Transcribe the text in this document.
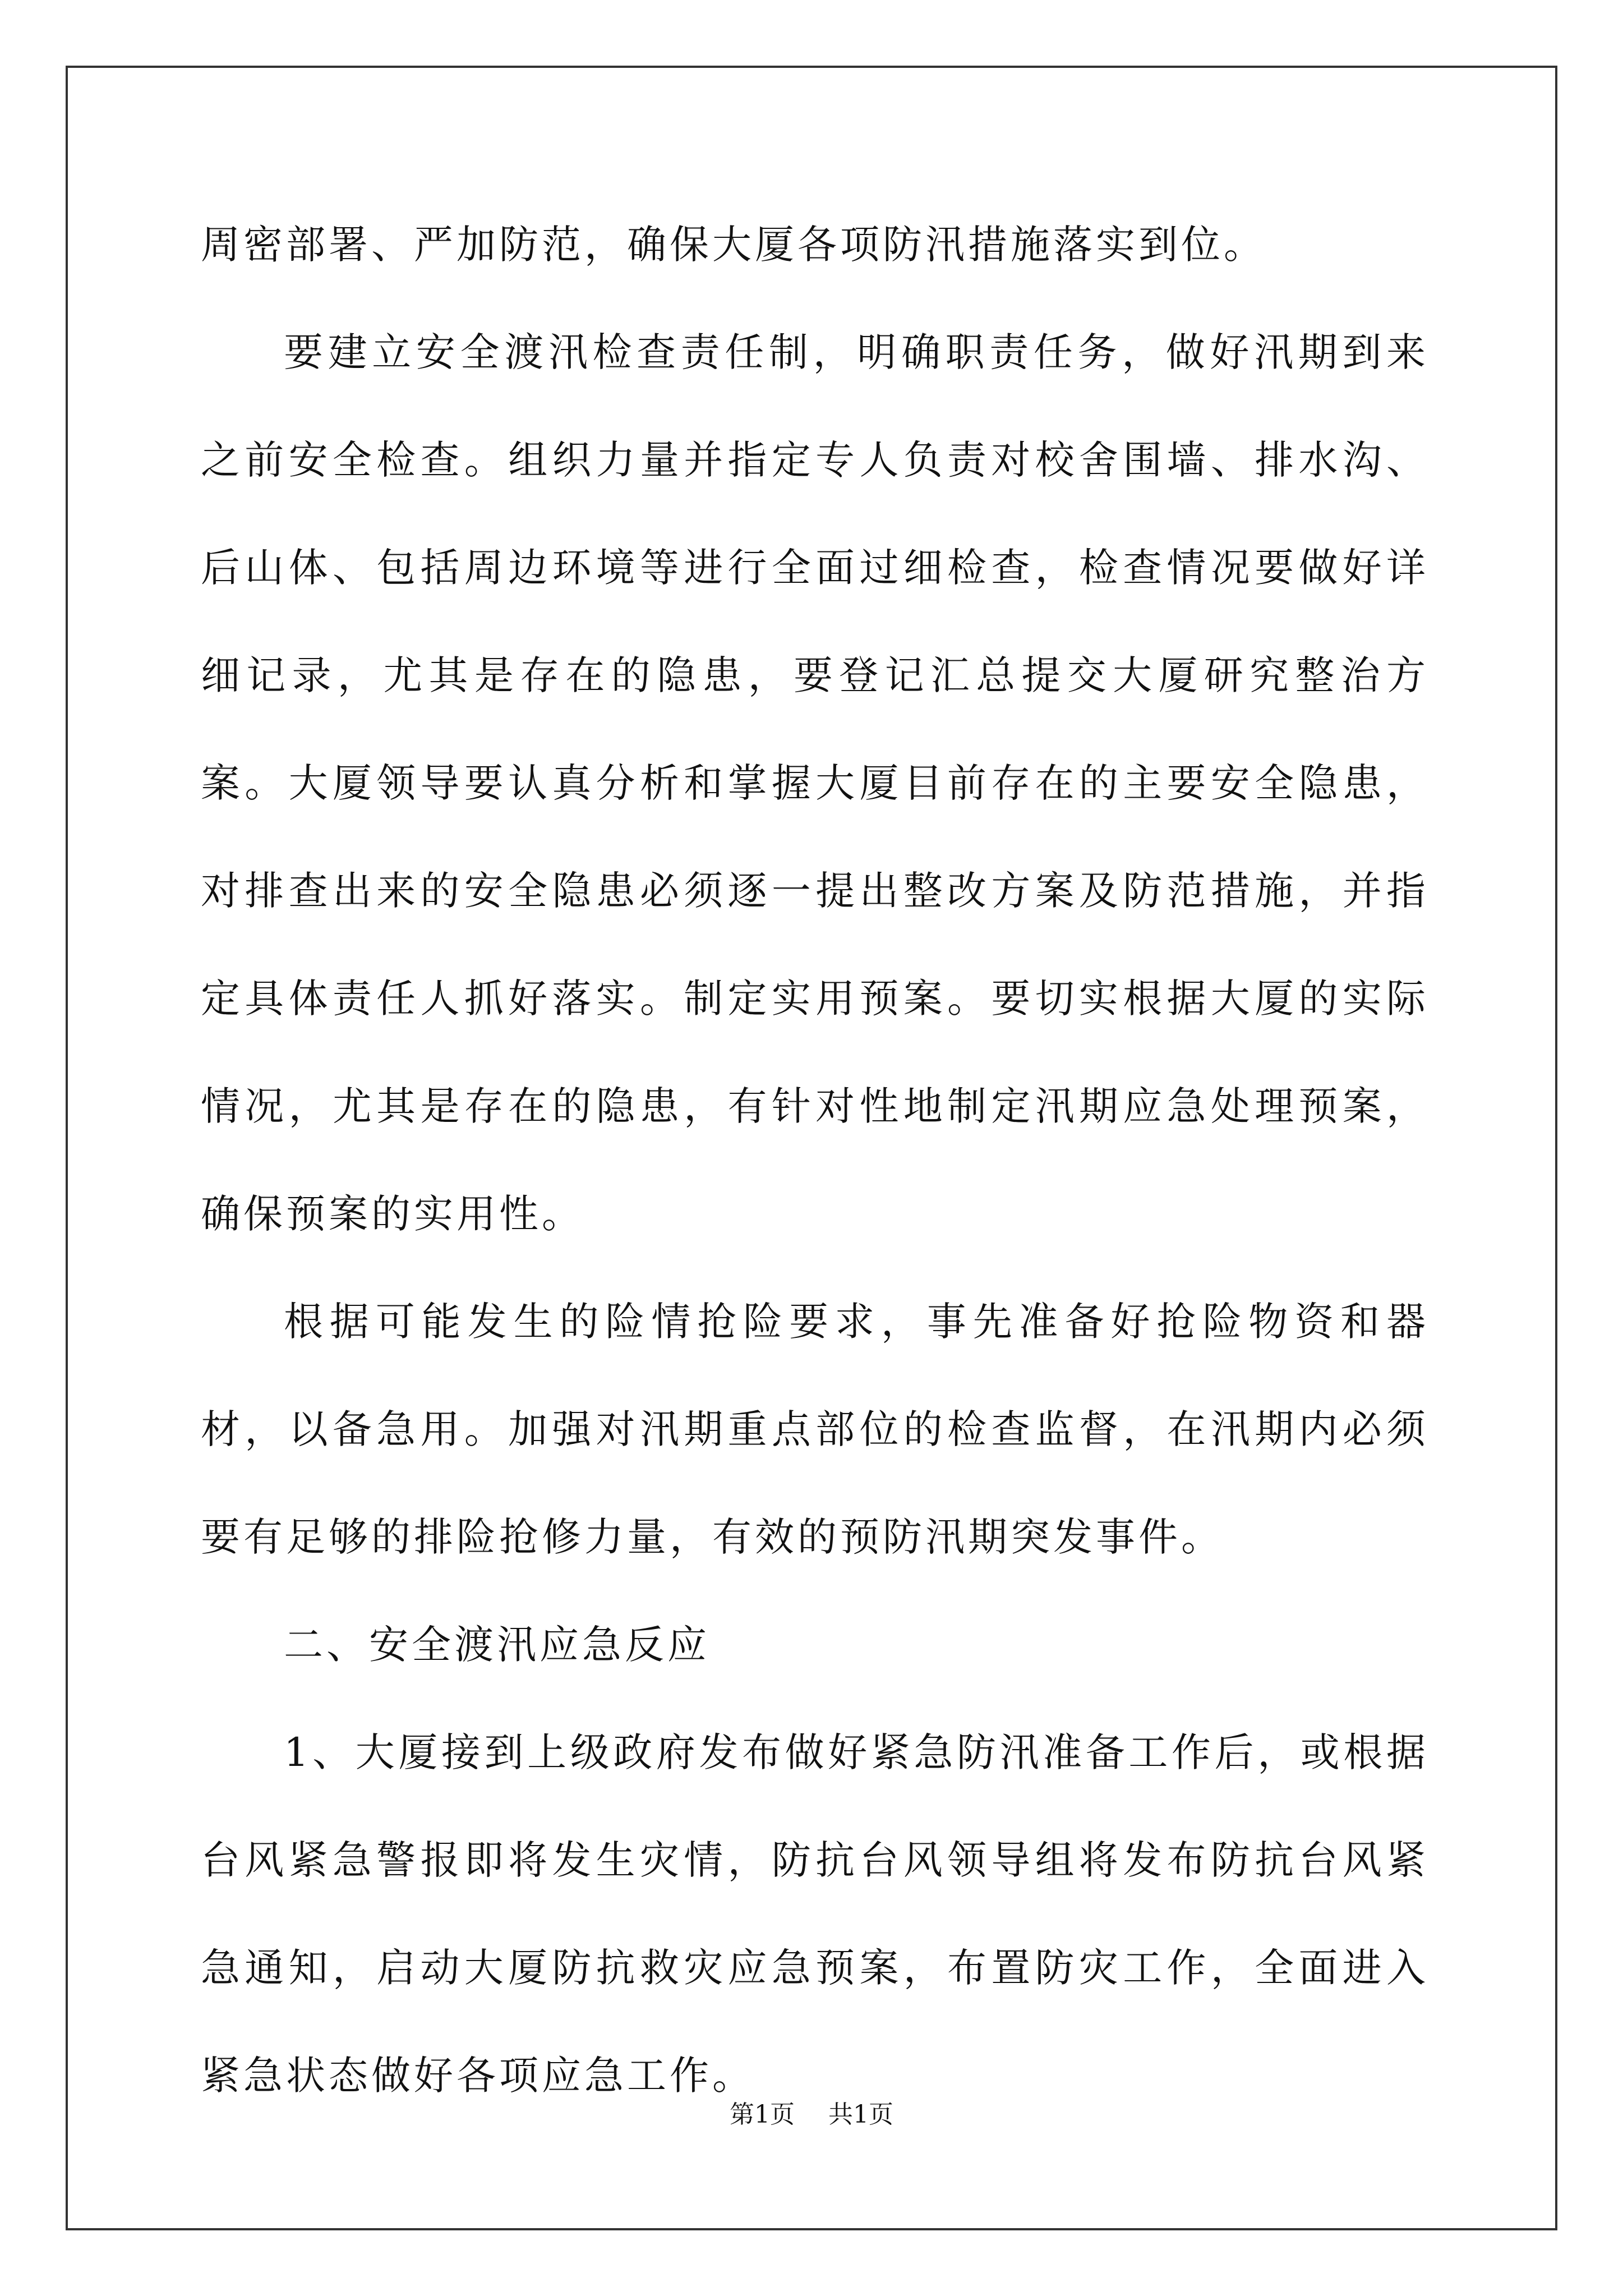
周密部署、严加防范，确保大厦各项防汛措施落实到位。

要建立安全渡汛检查责任制，明确职责任务，做好汛期到来之前安全检查。组织力量并指定专人负责对校舍围墙、排水沟、后山体、包括周边环境等进行全面过细检查，检查情况要做好详细记录，尤其是存在的隐患，要登记汇总提交大厦研究整治方案。大厦领导要认真分析和掌握大厦目前存在的主要安全隐患，对排查出来的安全隐患必须逐一提出整改方案及防范措施，并指定具体责任人抓好落实。制定实用预案。要切实根据大厦的实际情况，尤其是存在的隐患，有针对性地制定汛期应急处理预案，确保预案的实用性。

根据可能发生的险情抢险要求，事先准备好抢险物资和器材，以备急用。加强对汛期重点部位的检查监督，在汛期内必须要有足够的排险抢修力量，有效的预防汛期突发事件。

二、安全渡汛应急反应

1、大厦接到上级政府发布做好紧急防汛准备工作后，或根据台风紧急警报即将发生灾情，防抗台风领导组将发布防抗台风紧急通知，启动大厦防抗救灾应急预案，布置防灾工作，全面进入紧急状态做好各项应急工作。

第1页 共1页
